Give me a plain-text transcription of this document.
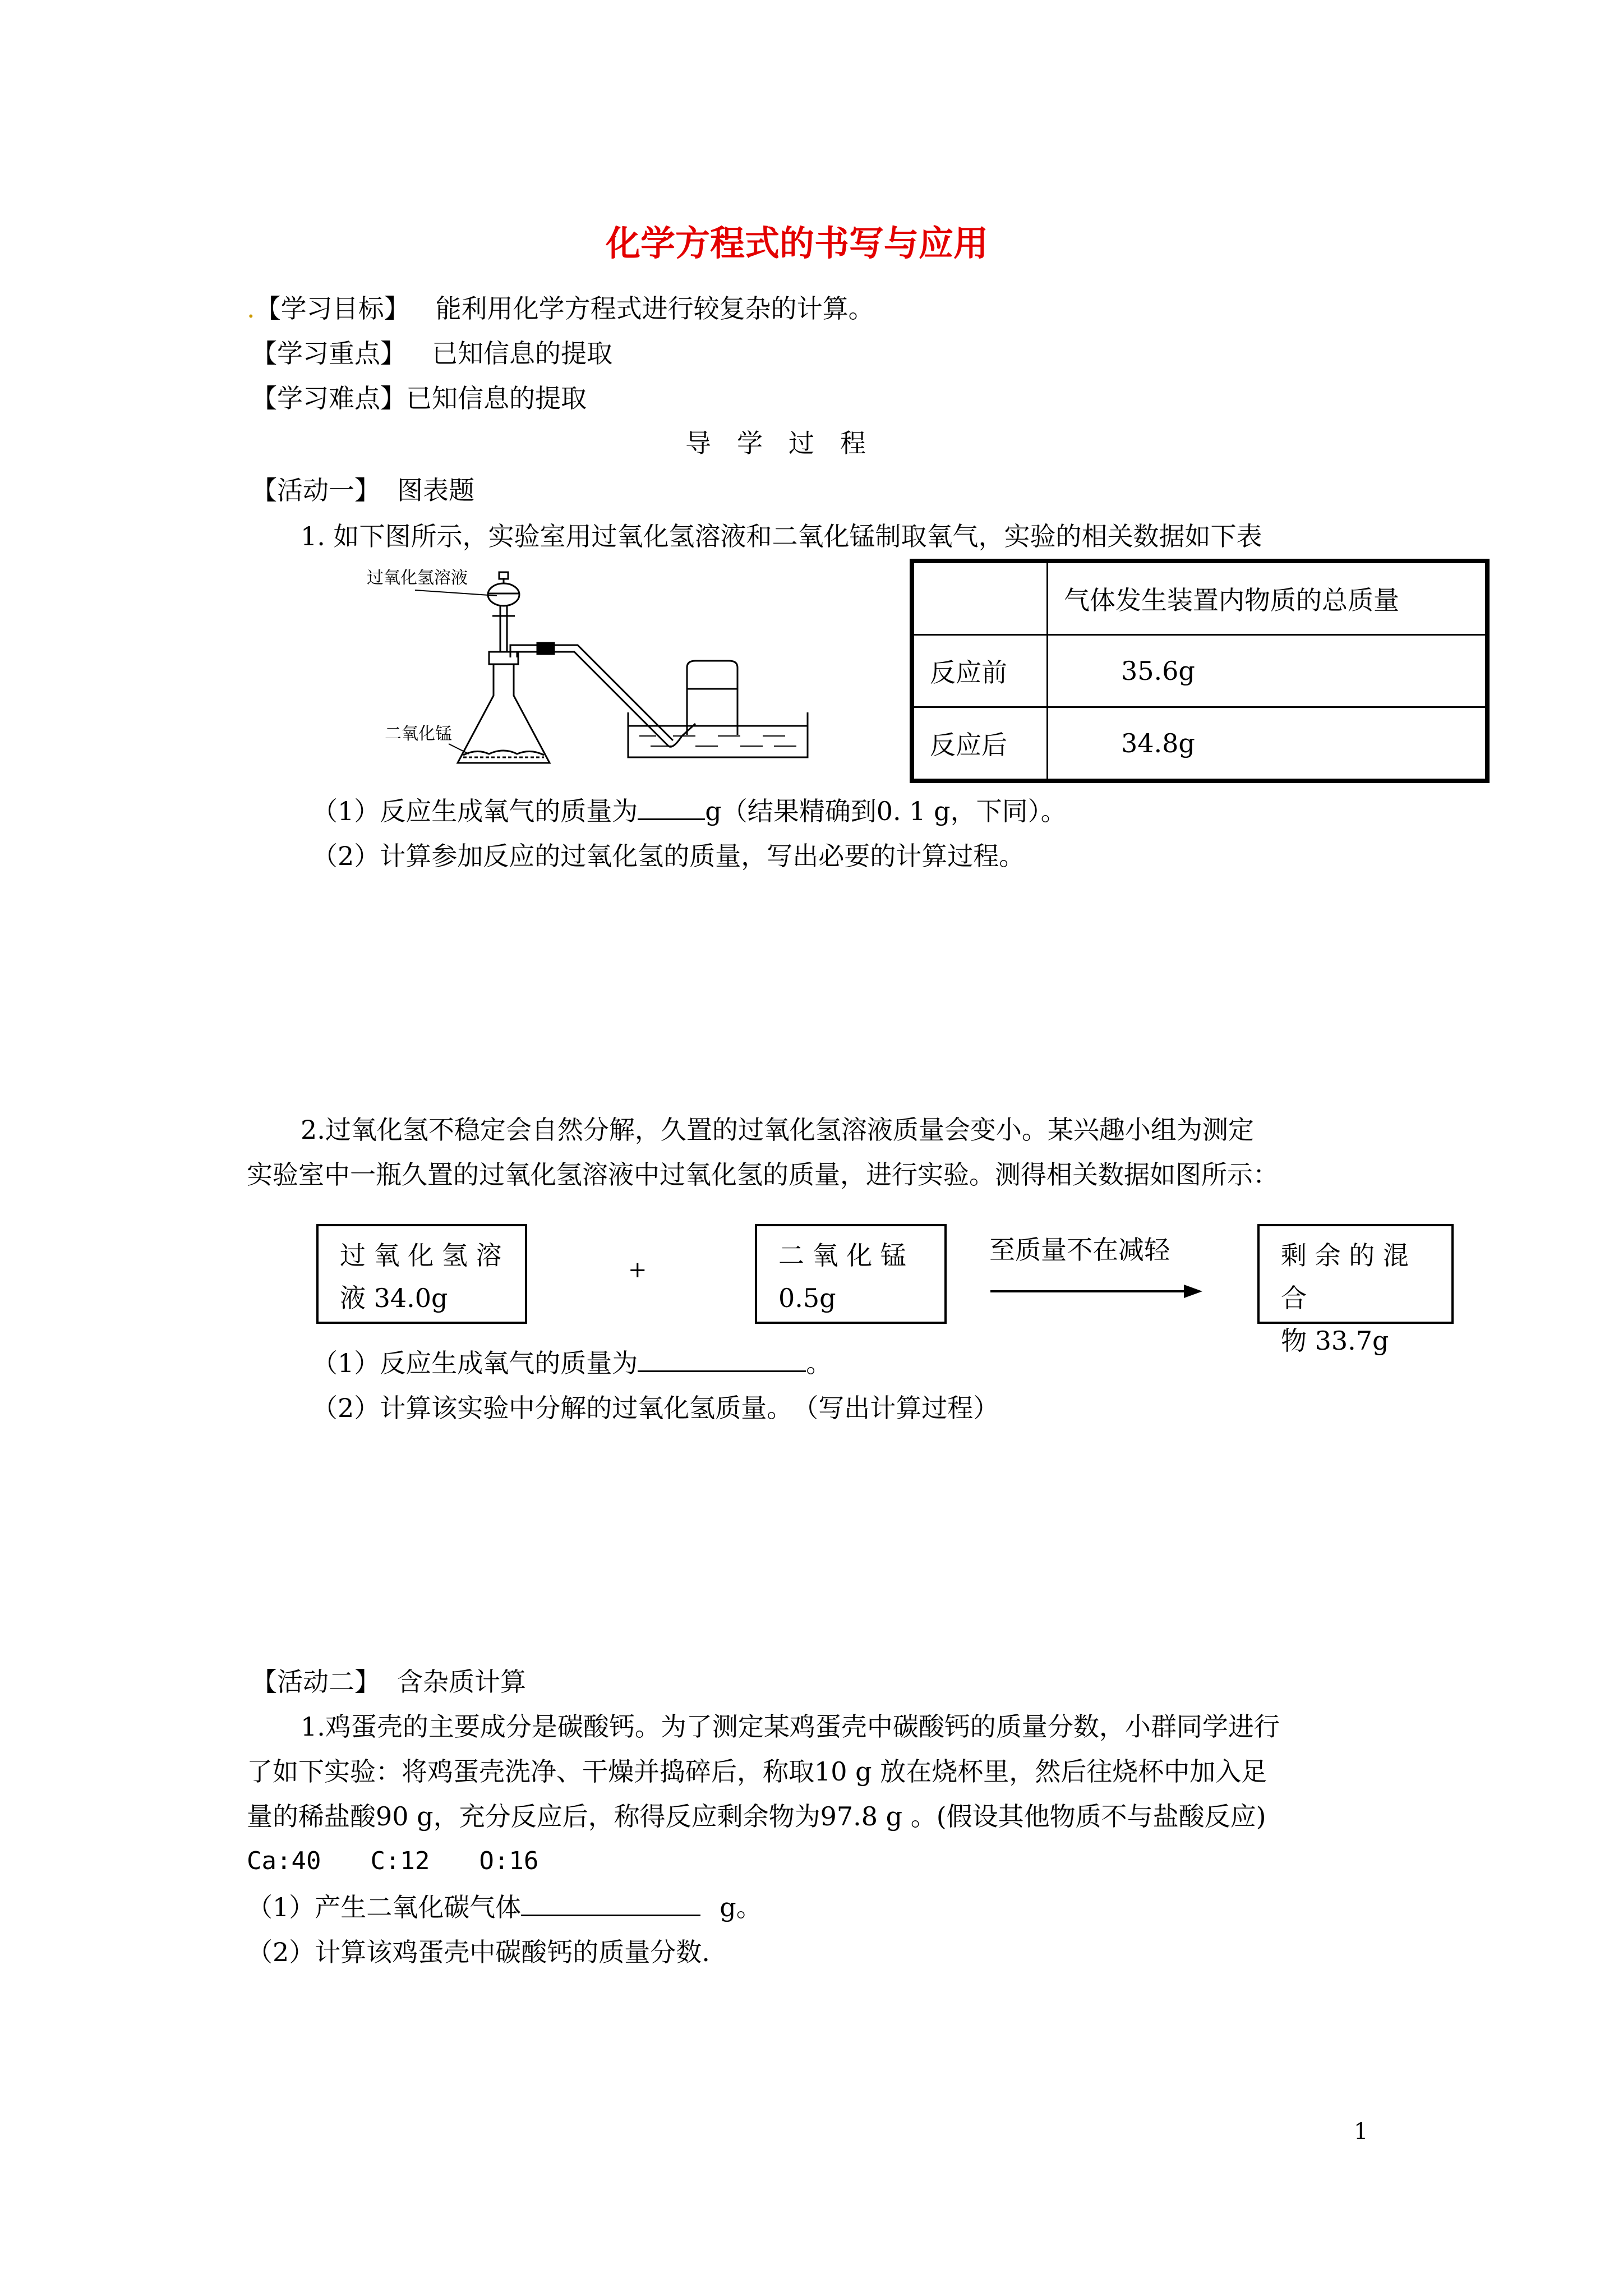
化学方程式的书写与应用
.【学习目标】 能利用化学方程式进行较复杂的计算。
【学习重点】 已知信息的提取
【学习难点】已知信息的提取
导　学　过　程
【活动一】 图表题
1. 如下图所示，实验室用过氧化氢溶液和二氧化锰制取氧气，实验的相关数据如下表
过氧化氢溶液
二氧化锰
	气体发生装置内物质的总质量
反应前	35.6g
反应后	34.8g
（1）反应生成氧气的质量为	g（结果精确到0. 1 g，下同）。
（2）计算参加反应的过氧化氢的质量，写出必要的计算过程。
2.过氧化氢不稳定会自然分解，久置的过氧化氢溶液质量会变小。某兴趣小组为测定
实验室中一瓶久置的过氧化氢溶液中过氧化氢的质量，进行实验。测得相关数据如图所示：
过 氧 化 氢 溶
液 34.0g
+	二 氧 化 锰
0.5g
至质量不在减轻	剩 余 的 混 合
物 33.7g
（1）反应生成氧气的质量为	。
（2）计算该实验中分解的过氧化氢质量。　（写出计算过程）
【活动二】 含杂质计算
1.鸡蛋壳的主要成分是碳酸钙。为了测定某鸡蛋壳中碳酸钙的质量分数，小群同学进行
了如下实验：将鸡蛋壳洗净、干燥并捣碎后，称取10 g 放在烧杯里，然后往烧杯中加入足
量的稀盐酸90 g，充分反应后，称得反应剩余物为97.8 g 。(假设其他物质不与盐酸反应)
Ca:40　　C:12　　O:16
（1）产生二氧化碳气体	g。
（2）计算该鸡蛋壳中碳酸钙的质量分数.
1
